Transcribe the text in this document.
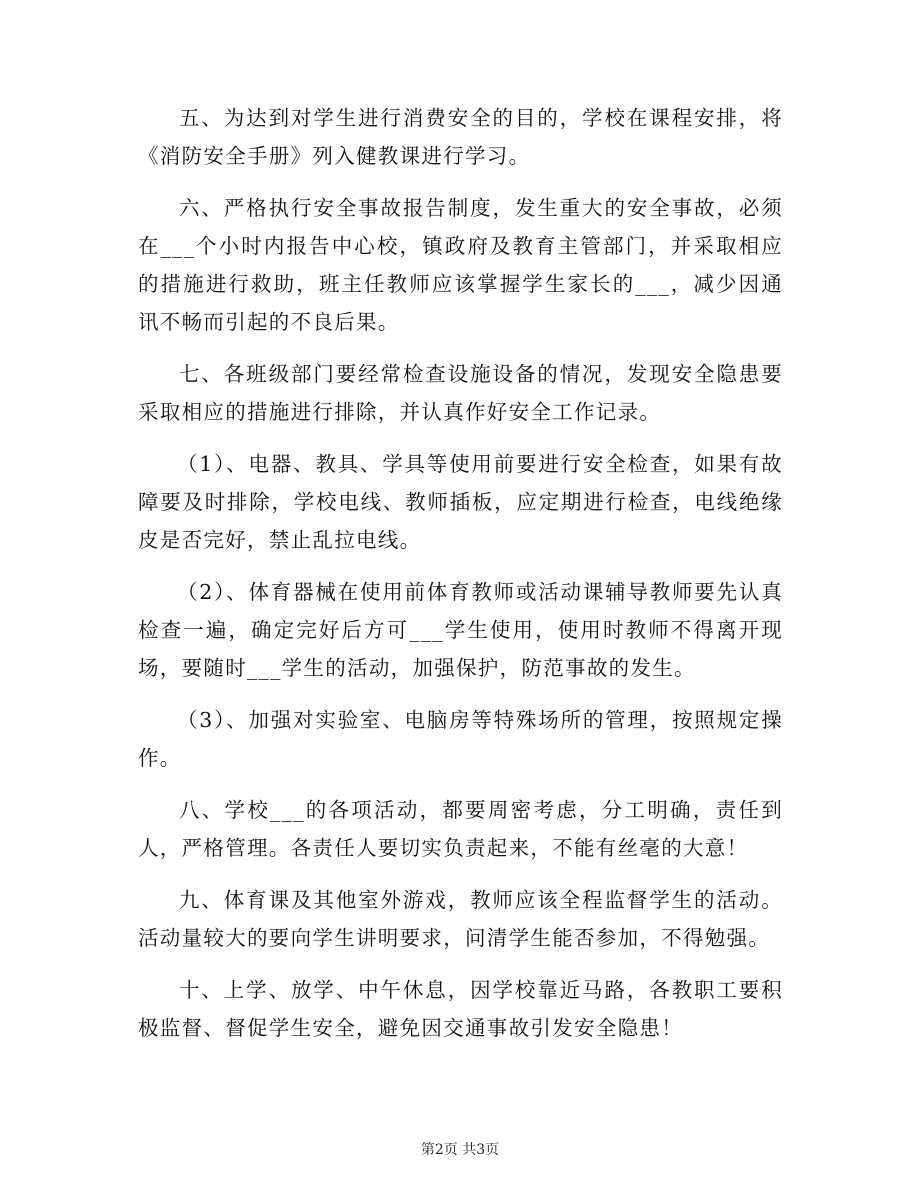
五、为达到对学生进行消费安全的目的，学校在课程安排，将《消防安全手册》列入健教课进行学习。

六、严格执行安全事故报告制度，发生重大的安全事故，必须在___个小时内报告中心校，镇政府及教育主管部门，并采取相应的措施进行救助，班主任教师应该掌握学生家长的___，减少因通讯不畅而引起的不良后果。

七、各班级部门要经常检查设施设备的情况，发现安全隐患要采取相应的措施进行排除，并认真作好安全工作记录。

（1）、电器、教具、学具等使用前要进行安全检查，如果有故障要及时排除，学校电线、教师插板，应定期进行检查，电线绝缘皮是否完好，禁止乱拉电线。

（2）、体育器械在使用前体育教师或活动课辅导教师要先认真检查一遍，确定完好后方可___学生使用，使用时教师不得离开现场，要随时___学生的活动，加强保护，防范事故的发生。

（3）、加强对实验室、电脑房等特殊场所的管理，按照规定操作。

八、学校___的各项活动，都要周密考虑，分工明确，责任到人，严格管理。各责任人要切实负责起来，不能有丝毫的大意！

九、体育课及其他室外游戏，教师应该全程监督学生的活动。活动量较大的要向学生讲明要求，问清学生能否参加，不得勉强。

十、上学、放学、中午休息，因学校靠近马路，各教职工要积极监督、督促学生安全，避免因交通事故引发安全隐患！

第2页 共3页
